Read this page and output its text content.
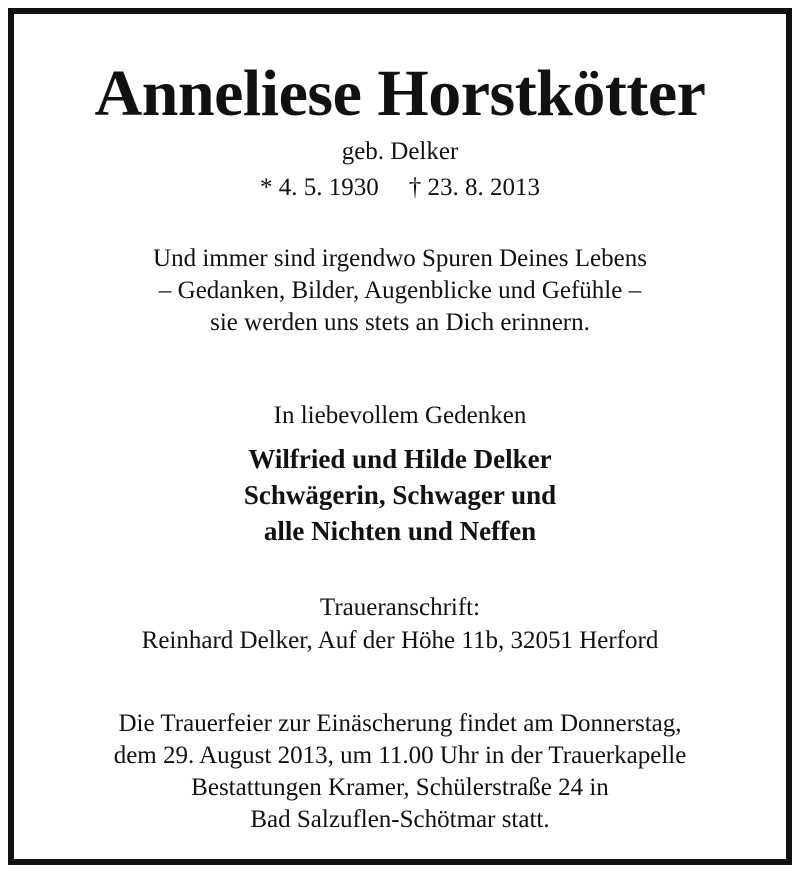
Anneliese Horstkötter
geb. Delker
* 4. 5. 1930 † 23. 8. 2013
Und immer sind irgendwo Spuren Deines Lebens
– Gedanken, Bilder, Augenblicke und Gefühle –
sie werden uns stets an Dich erinnern.
In liebevollem Gedenken
Wilfried und Hilde Delker
Schwägerin, Schwager und
alle Nichten und Neffen
Traueranschrift:
Reinhard Delker, Auf der Höhe 11b, 32051 Herford
Die Trauerfeier zur Einäscherung findet am Donnerstag,
dem 29. August 2013, um 11.00 Uhr in der Trauerkapelle
Bestattungen Kramer, Schülerstraße 24 in
Bad Salzuflen-Schötmar statt.
